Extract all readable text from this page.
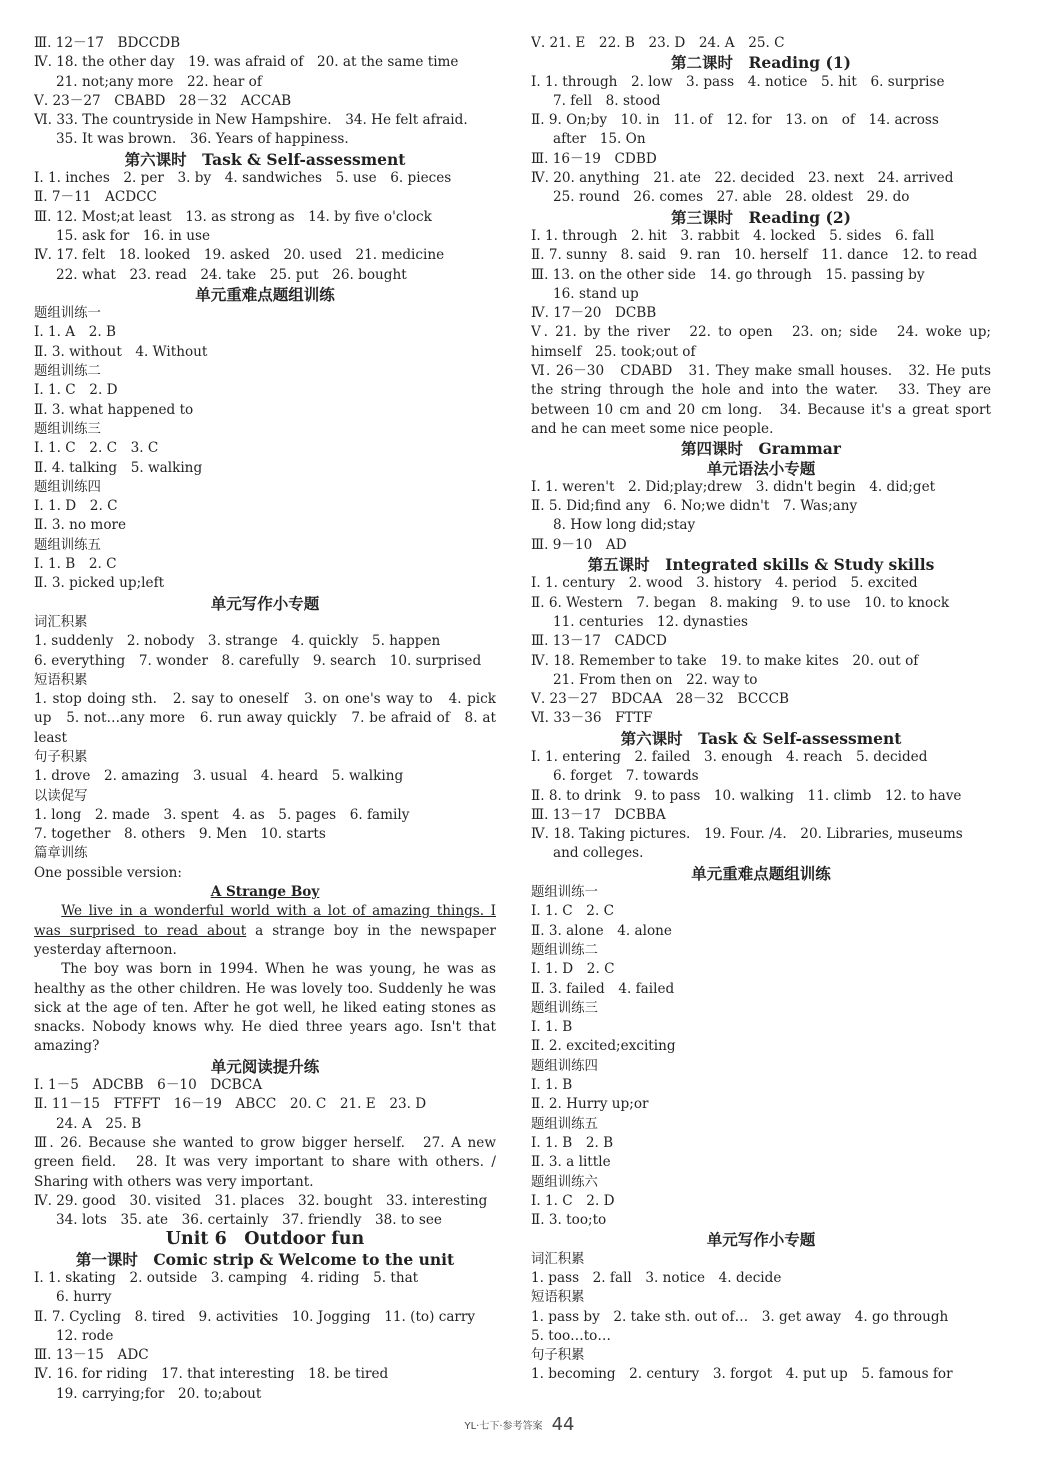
Ⅲ. 12－17　BDCCDB
Ⅳ. 18. the other day　19. was afraid of　20. at the same time
21. not;any more　22. hear of
Ⅴ. 23－27　CBABD　28－32　ACCAB
Ⅵ. 33. The countryside in New Hampshire.　34. He felt afraid.
35. It was brown.　36. Years of happiness.
第六课时　Task & Self-assessment
Ⅰ. 1. inches　2. per　3. by　4. sandwiches　5. use　6. pieces
Ⅱ. 7－11　ACDCC
Ⅲ. 12. Most;at least　13. as strong as　14. by five o'clock
15. ask for　16. in use
Ⅳ. 17. felt　18. looked　19. asked　20. used　21. medicine
22. what　23. read　24. take　25. put　26. bought
单元重难点题组训练
题组训练一
Ⅰ. 1. A　2. B
Ⅱ. 3. without　4. Without
题组训练二
Ⅰ. 1. C　2. D
Ⅱ. 3. what happened to
题组训练三
Ⅰ. 1. C　2. C　3. C
Ⅱ. 4. talking　5. walking
题组训练四
Ⅰ. 1. D　2. C
Ⅱ. 3. no more
题组训练五
Ⅰ. 1. B　2. C
Ⅱ. 3. picked up;left
单元写作小专题
词汇积累
1. suddenly　2. nobody　3. strange　4. quickly　5. happen
6. everything　7. wonder　8. carefully　9. search　10. surprised
短语积累
1. stop doing sth.　2. say to oneself　3. on one's way to　4. pick up　5. not…any more　6. run away quickly　7. be afraid of　8. at least
句子积累
1. drove　2. amazing　3. usual　4. heard　5. walking
以读促写
1. long　2. made　3. spent　4. as　5. pages　6. family
7. together　8. others　9. Men　10. starts
篇章训练
One possible version:
A Strange Boy
We live in a wonderful world with a lot of amazing things. I was surprised to read about a strange boy in the newspaper yesterday afternoon.
The boy was born in 1994. When he was young, he was as healthy as the other children. He was lovely too. Suddenly he was sick at the age of ten. After he got well, he liked eating stones as snacks. Nobody knows why. He died three years ago. Isn't that amazing?
单元阅读提升练
Ⅰ. 1－5　ADCBB　6－10　DCBCA
Ⅱ. 11－15　FTFFT　16－19　ABCC　20. C　21. E　23. D
24. A　25. B
Ⅲ. 26. Because she wanted to grow bigger herself.　27. A new green field.　28. It was very important to share with others. / Sharing with others was very important.
Ⅳ. 29. good　30. visited　31. places　32. bought　33. interesting
34. lots　35. ate　36. certainly　37. friendly　38. to see
Unit 6　Outdoor fun
第一课时　Comic strip & Welcome to the unit
Ⅰ. 1. skating　2. outside　3. camping　4. riding　5. that
6. hurry
Ⅱ. 7. Cycling　8. tired　9. activities　10. Jogging　11. (to) carry
12. rode
Ⅲ. 13－15　ADC
Ⅳ. 16. for riding　17. that interesting　18. be tired
19. carrying;for　20. to;about
Ⅴ. 21. E　22. B　23. D　24. A　25. C
第二课时　Reading (1)
Ⅰ. 1. through　2. low　3. pass　4. notice　5. hit　6. surprise
7. fell　8. stood
Ⅱ. 9. On;by　10. in　11. of　12. for　13. on　of　14. across
after　15. On
Ⅲ. 16－19　CDBD
Ⅳ. 20. anything　21. ate　22. decided　23. next　24. arrived
25. round　26. comes　27. able　28. oldest　29. do
第三课时　Reading (2)
Ⅰ. 1. through　2. hit　3. rabbit　4. locked　5. sides　6. fall
Ⅱ. 7. sunny　8. said　9. ran　10. herself　11. dance　12. to read
Ⅲ. 13. on the other side　14. go through　15. passing by
16. stand up
Ⅳ. 17－20　DCBB
Ⅴ. 21. by the river　22. to open　23. on; side　24. woke up; himself　25. took;out of
Ⅵ. 26－30　CDABD　31. They make small houses.　32. He puts the string through the hole and into the water.　33. They are between 10 cm and 20 cm long.　34. Because it's a great sport and he can meet some nice people.
第四课时　Grammar
单元语法小专题
Ⅰ. 1. weren't　2. Did;play;drew　3. didn't begin　4. did;get
Ⅱ. 5. Did;find any　6. No;we didn't　7. Was;any
8. How long did;stay
Ⅲ. 9－10　AD
第五课时　Integrated skills & Study skills
Ⅰ. 1. century　2. wood　3. history　4. period　5. excited
Ⅱ. 6. Western　7. began　8. making　9. to use　10. to knock
11. centuries　12. dynasties
Ⅲ. 13－17　CADCD
Ⅳ. 18. Remember to take　19. to make kites　20. out of
21. From then on　22. way to
Ⅴ. 23－27　BDCAA　28－32　BCCCB
Ⅵ. 33－36　FTTF
第六课时　Task & Self-assessment
Ⅰ. 1. entering　2. failed　3. enough　4. reach　5. decided
6. forget　7. towards
Ⅱ. 8. to drink　9. to pass　10. walking　11. climb　12. to have
Ⅲ. 13－17　DCBBA
Ⅳ. 18. Taking pictures.　19. Four. /4.　20. Libraries, museums
and colleges.
单元重难点题组训练
题组训练一
Ⅰ. 1. C　2. C
Ⅱ. 3. alone　4. alone
题组训练二
Ⅰ. 1. D　2. C
Ⅱ. 3. failed　4. failed
题组训练三
Ⅰ. 1. B
Ⅱ. 2. excited;exciting
题组训练四
Ⅰ. 1. B
Ⅱ. 2. Hurry up;or
题组训练五
Ⅰ. 1. B　2. B
Ⅱ. 3. a little
题组训练六
Ⅰ. 1. C　2. D
Ⅱ. 3. too;to
单元写作小专题
词汇积累
1. pass　2. fall　3. notice　4. decide
短语积累
1. pass by　2. take sth. out of…　3. get away　4. go through
5. too…to…
句子积累
1. becoming　2. century　3. forgot　4. put up　5. famous for
YL·七下·参考答案 44
